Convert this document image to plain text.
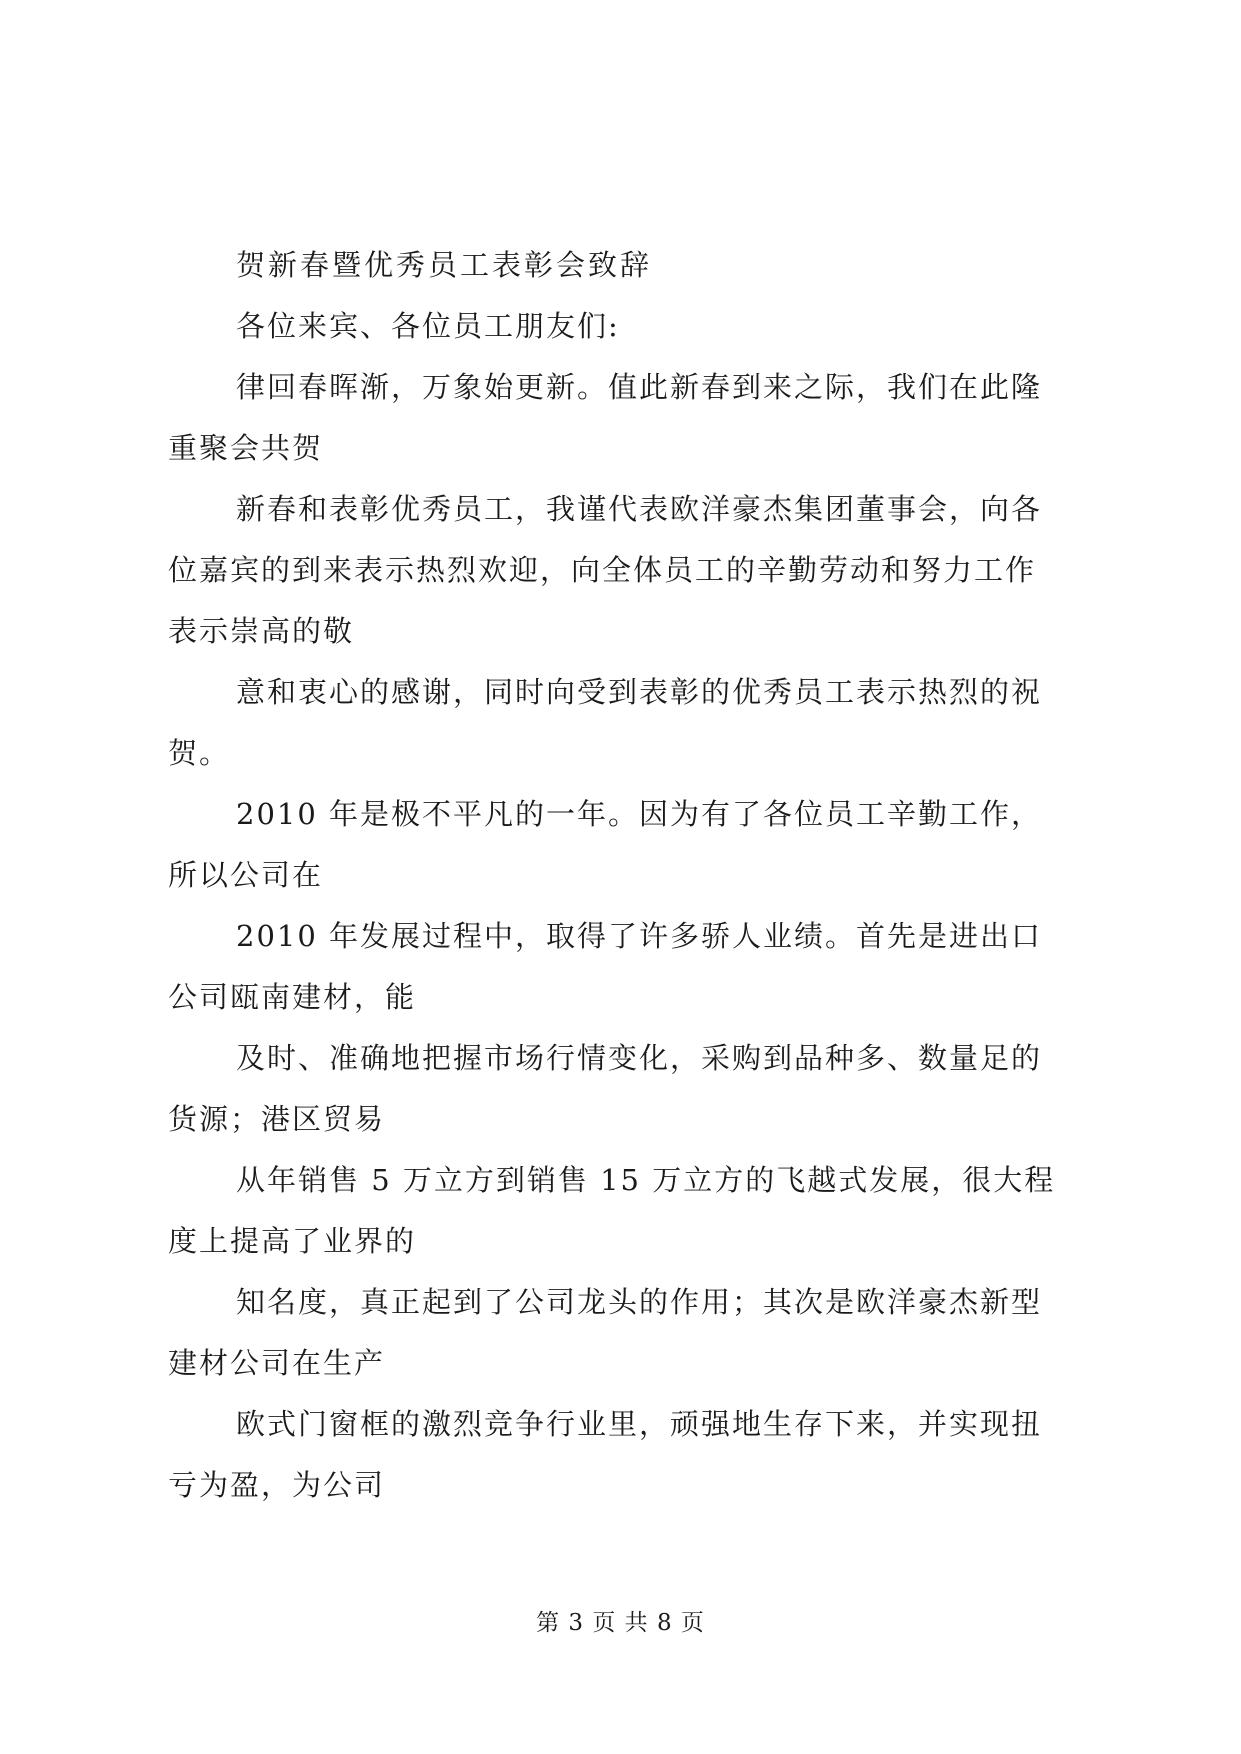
贺新春暨优秀员工表彰会致辞

各位来宾、各位员工朋友们:

律回春晖渐，万象始更新。值此新春到来之际，我们在此隆
重聚会共贺

新春和表彰优秀员工，我谨代表欧洋豪杰集团董事会，向各
位嘉宾的到来表示热烈欢迎，向全体员工的辛勤劳动和努力工作
表示崇高的敬

意和衷心的感谢，同时向受到表彰的优秀员工表示热烈的祝
贺。

2010 年是极不平凡的一年。因为有了各位员工辛勤工作，
所以公司在

2010 年发展过程中，取得了许多骄人业绩。首先是进出口
公司瓯南建材，能

及时、准确地把握市场行情变化，采购到品种多、数量足的
货源；港区贸易

从年销售 5 万立方到销售 15 万立方的飞越式发展，很大程
度上提高了业界的

知名度，真正起到了公司龙头的作用；其次是欧洋豪杰新型
建材公司在生产

欧式门窗框的激烈竞争行业里，顽强地生存下来，并实现扭
亏为盈，为公司

第 3 页 共 8 页
